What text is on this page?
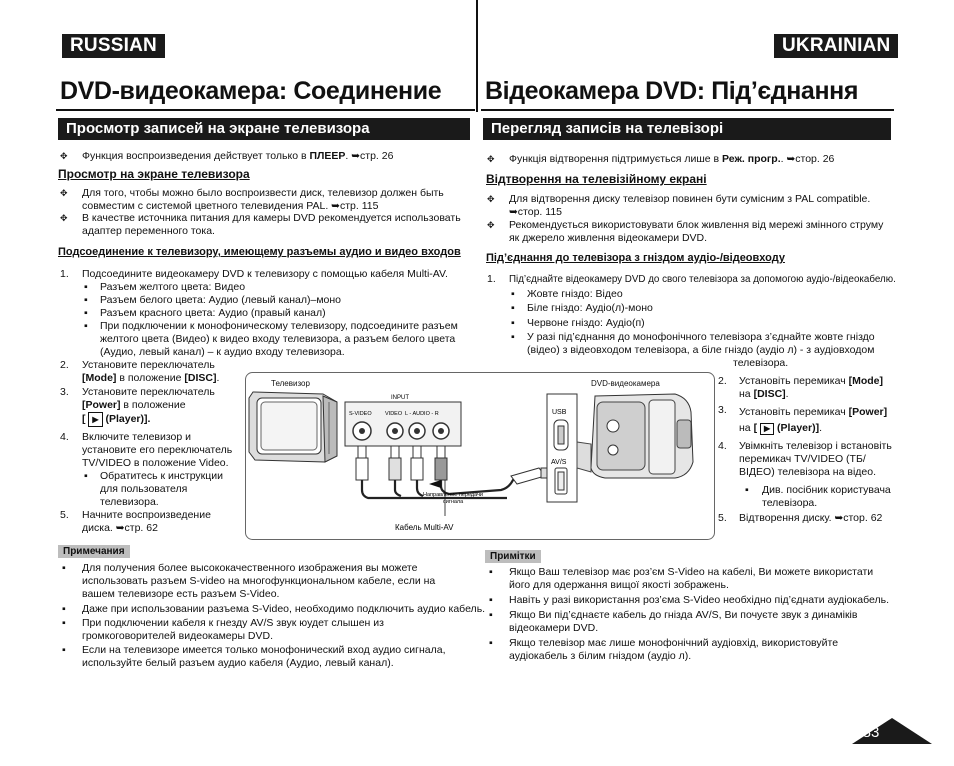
RUSSIAN	UKRAINIAN
DVD-видеокамера: Соединение Відеокамера DVD: Під’єднання
Просмотр записей на экране телевизора
✥ Функция воспроизведения действует только в ПЛЕЕР. ➥стр. 26
Просмотр на экране телевизора
✥ Для того, чтобы можно было воспроизвести диск, телевизор должен быть
совместим с системой цветного телевидения PAL. ➥стр. 115
✥ В качестве источника питания для камеры DVD рекомендуется использовать
адаптер переменного тока.
Подсоединение к телевизору, имеющему разъемы аудио и видео входов
1. Подсоедините видеокамеру DVD к телевизору с помощью кабеля Multi-AV.
▪ Разъем желтого цвета: Видео
▪ Разъем белого цвета: Аудио (левый канал)–моно
▪ Разъем красного цвета: Аудио (правый канал)
▪ При подключении к монофоническому телевизору, подсоедините разъем
желтого цвета (Видео) к видео входу телевизора, а разъем белого цвета
(Аудио, левый канал) – к аудио входу телевизора.
2. Установите переключатель
[Mode] в положение [DISC].
3. Установите переключатель
[Power] в положение
[ ▶ (Player)].
4. Включите телевизор и
установите его переключатель
TV/VIDEO в положение Video.
▪ Обратитесь к инструкции
для пользователя
телевизора.
5. Начните воспроизведение
диска. ➥стр. 62
Телевизор	DVD-видеокамера
INPUT
S-VIDEO VIDEO L - AUDIO - R
Направление передачи
сигнала
Кабель Multi-AV
USB
AV/S
Примечания
▪ Для получения более высококачественного изображения вы можете
использовать разъем S-video на многофункциональном кабеле, если на
вашем телевизоре есть разъем S-Video.
▪ Даже при использовании разъема S-Video, необходимо подключить аудио кабель.
▪ При подключении кабеля к гнезду AV/S звук юудет слышен из
громкоговорителей видеокамеры DVD.
▪ Если на телевизоре имеется только монофонический вход аудио сигнала,
используйте белый разъем аудио кабеля (Аудио, левый канал).
Перегляд записів на телевізорі
✥ Функція відтворення підтримується лише в Реж. прогр.. ➥стор. 26
Відтворення на телевізійному екрані
✥ Для відтворення диску телевізор повинен бути сумісним з PAL compatible.
➥стор. 115
✥ Рекомендується використовувати блок живлення від мережі змінного струму
як джерело живлення відеокамери DVD.
Під’єднання до телевізора з гніздом аудіо-/відеовходу
1. Під’єднайте відеокамеру DVD до свого телевізора за допомогою аудіо-/відеокабелю.
▪ Жовте гніздо: Відео
▪ Біле гніздо: Аудіо(л)-моно
▪ Червоне гніздо: Аудіо(п)
▪ У разі під’єднання до монофонічного телевізора з’єднайте жовте гніздо
(відео) з відеовходом телевізора, а біле гніздо (аудіо л) - з аудіовходом
телевізора.
2. Установіть перемикач [Mode]
на [DISC].
3. Установіть перемикач [Power]
на [ ▶ (Player)].
4. Увімкніть телевізор і встановіть
перемикач TV/VIDEO (ТБ/
ВІДЕО) телевізора на відео.
▪ Див. посібник користувача
телевізора.
5. Відтворення диску. ➥стор. 62
Примітки
▪ Якщо Ваш телевізор має роз’єм S-Video на кабелі, Ви можете використати
його для одержання вищої якості зображень.
▪ Навіть у разі використання роз’єма S-Video необхідно під’єднати аудіокабель.
▪ Якщо Ви під’єднаєте кабель до гнізда AV/S, Ви почуєте звук з динаміків
відеокамери DVD.
▪ Якщо телевізор має лише монофонічний аудіовхід, використовуйте
аудіокабель з білим гніздом (аудіо л).
83
